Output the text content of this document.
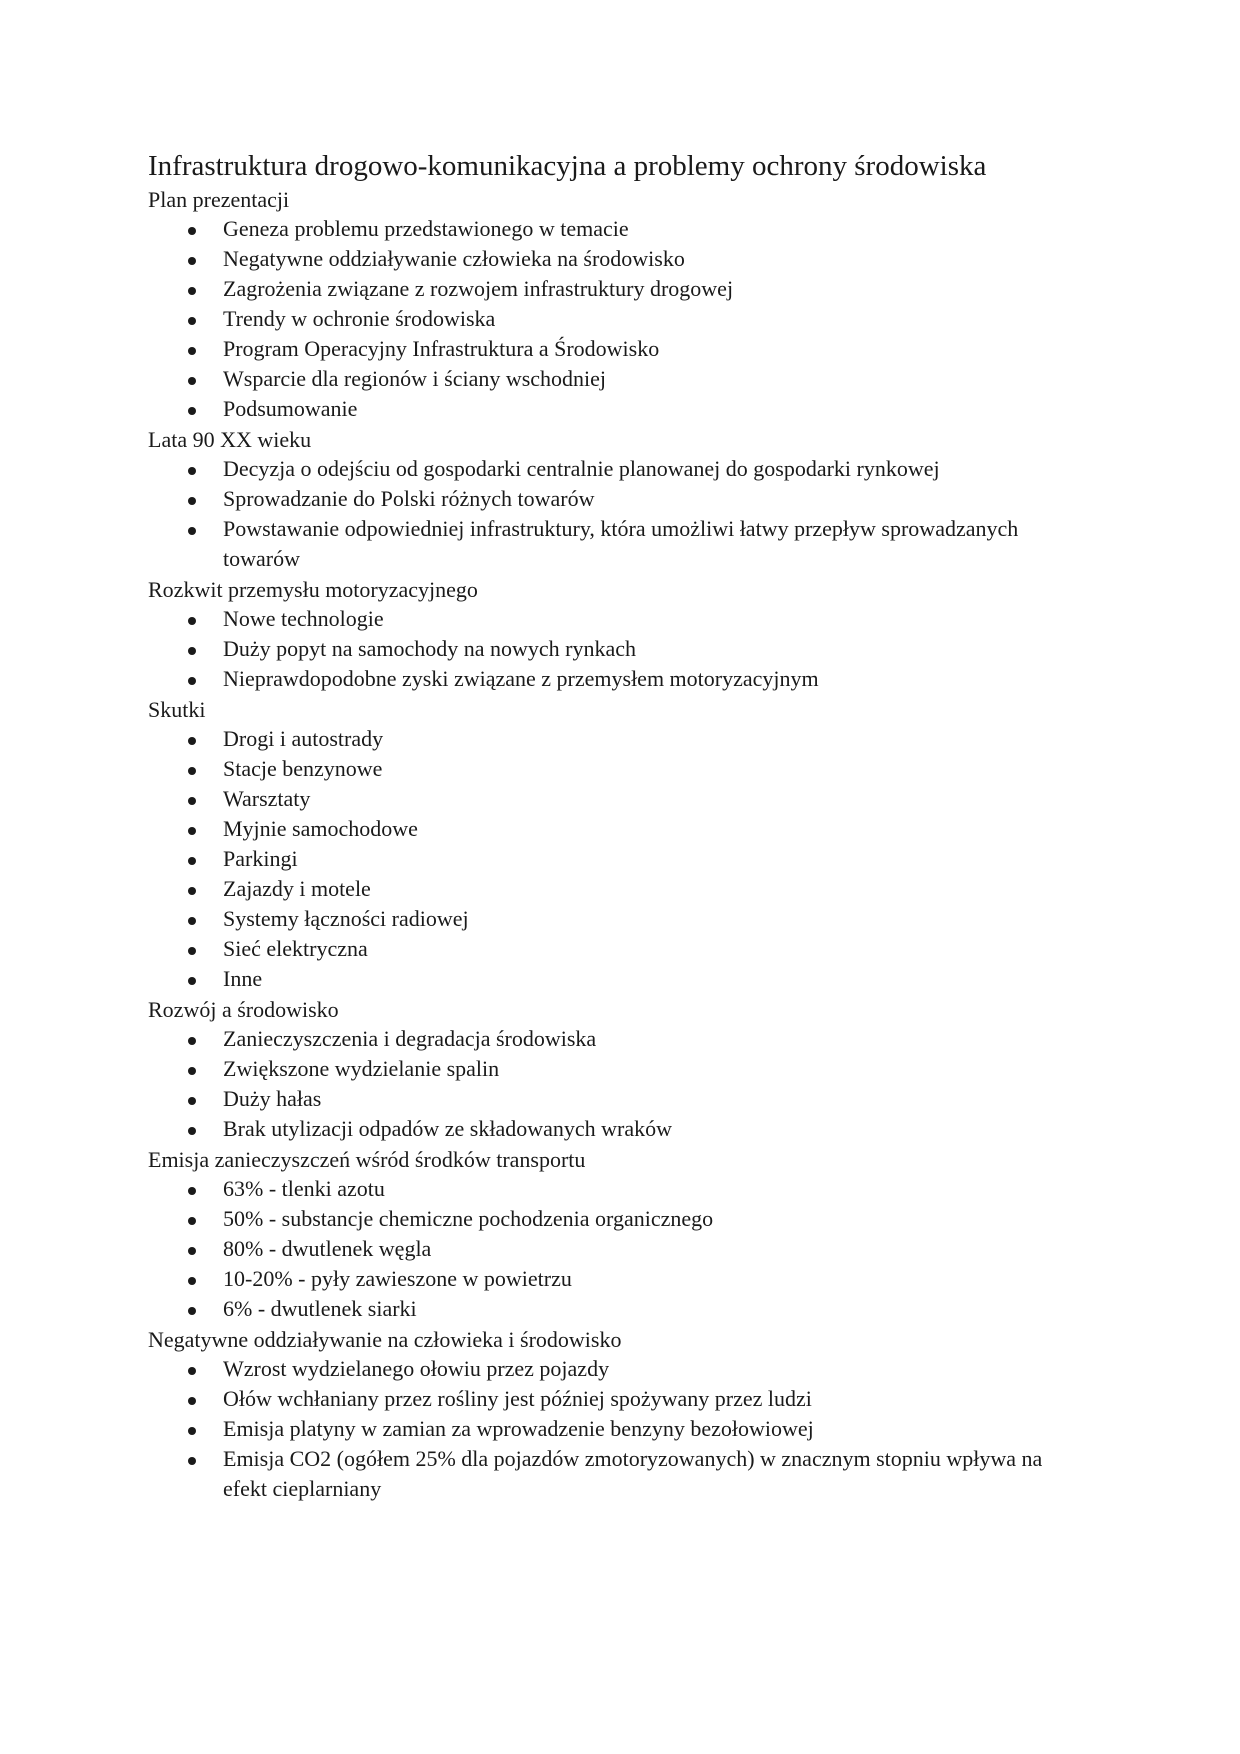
Infrastruktura drogowo-komunikacyjna a problemy ochrony środowiska
Plan prezentacji
Geneza problemu przedstawionego w temacie
Negatywne oddziaływanie człowieka na środowisko
Zagrożenia związane z rozwojem infrastruktury drogowej
Trendy w ochronie środowiska
Program Operacyjny Infrastruktura a Środowisko
Wsparcie dla regionów i ściany wschodniej
Podsumowanie
Lata 90 XX wieku
Decyzja o odejściu od gospodarki centralnie planowanej do gospodarki rynkowej
Sprowadzanie do Polski różnych towarów
Powstawanie odpowiedniej infrastruktury, która umożliwi łatwy przepływ sprowadzanych towarów
Rozkwit przemysłu motoryzacyjnego
Nowe technologie
Duży popyt na samochody na nowych rynkach
Nieprawdopodobne zyski związane z przemysłem motoryzacyjnym
Skutki
Drogi i autostrady
Stacje benzynowe
Warsztaty
Myjnie samochodowe
Parkingi
Zajazdy i motele
Systemy łączności radiowej
Sieć elektryczna
Inne
Rozwój a środowisko
Zanieczyszczenia i degradacja środowiska
Zwiększone wydzielanie spalin
Duży hałas
Brak utylizacji odpadów ze składowanych wraków
Emisja zanieczyszczeń wśród środków transportu
63% - tlenki azotu
50% - substancje chemiczne pochodzenia organicznego
80% - dwutlenek węgla
10-20% - pyły zawieszone w powietrzu
6% - dwutlenek siarki
Negatywne oddziaływanie na człowieka i środowisko
Wzrost wydzielanego ołowiu przez pojazdy
Ołów wchłaniany przez rośliny jest później spożywany przez ludzi
Emisja platyny w zamian za wprowadzenie benzyny bezołowiowej
Emisja CO2 (ogółem 25% dla pojazdów zmotoryzowanych) w znacznym stopniu wpływa na efekt cieplarniany
